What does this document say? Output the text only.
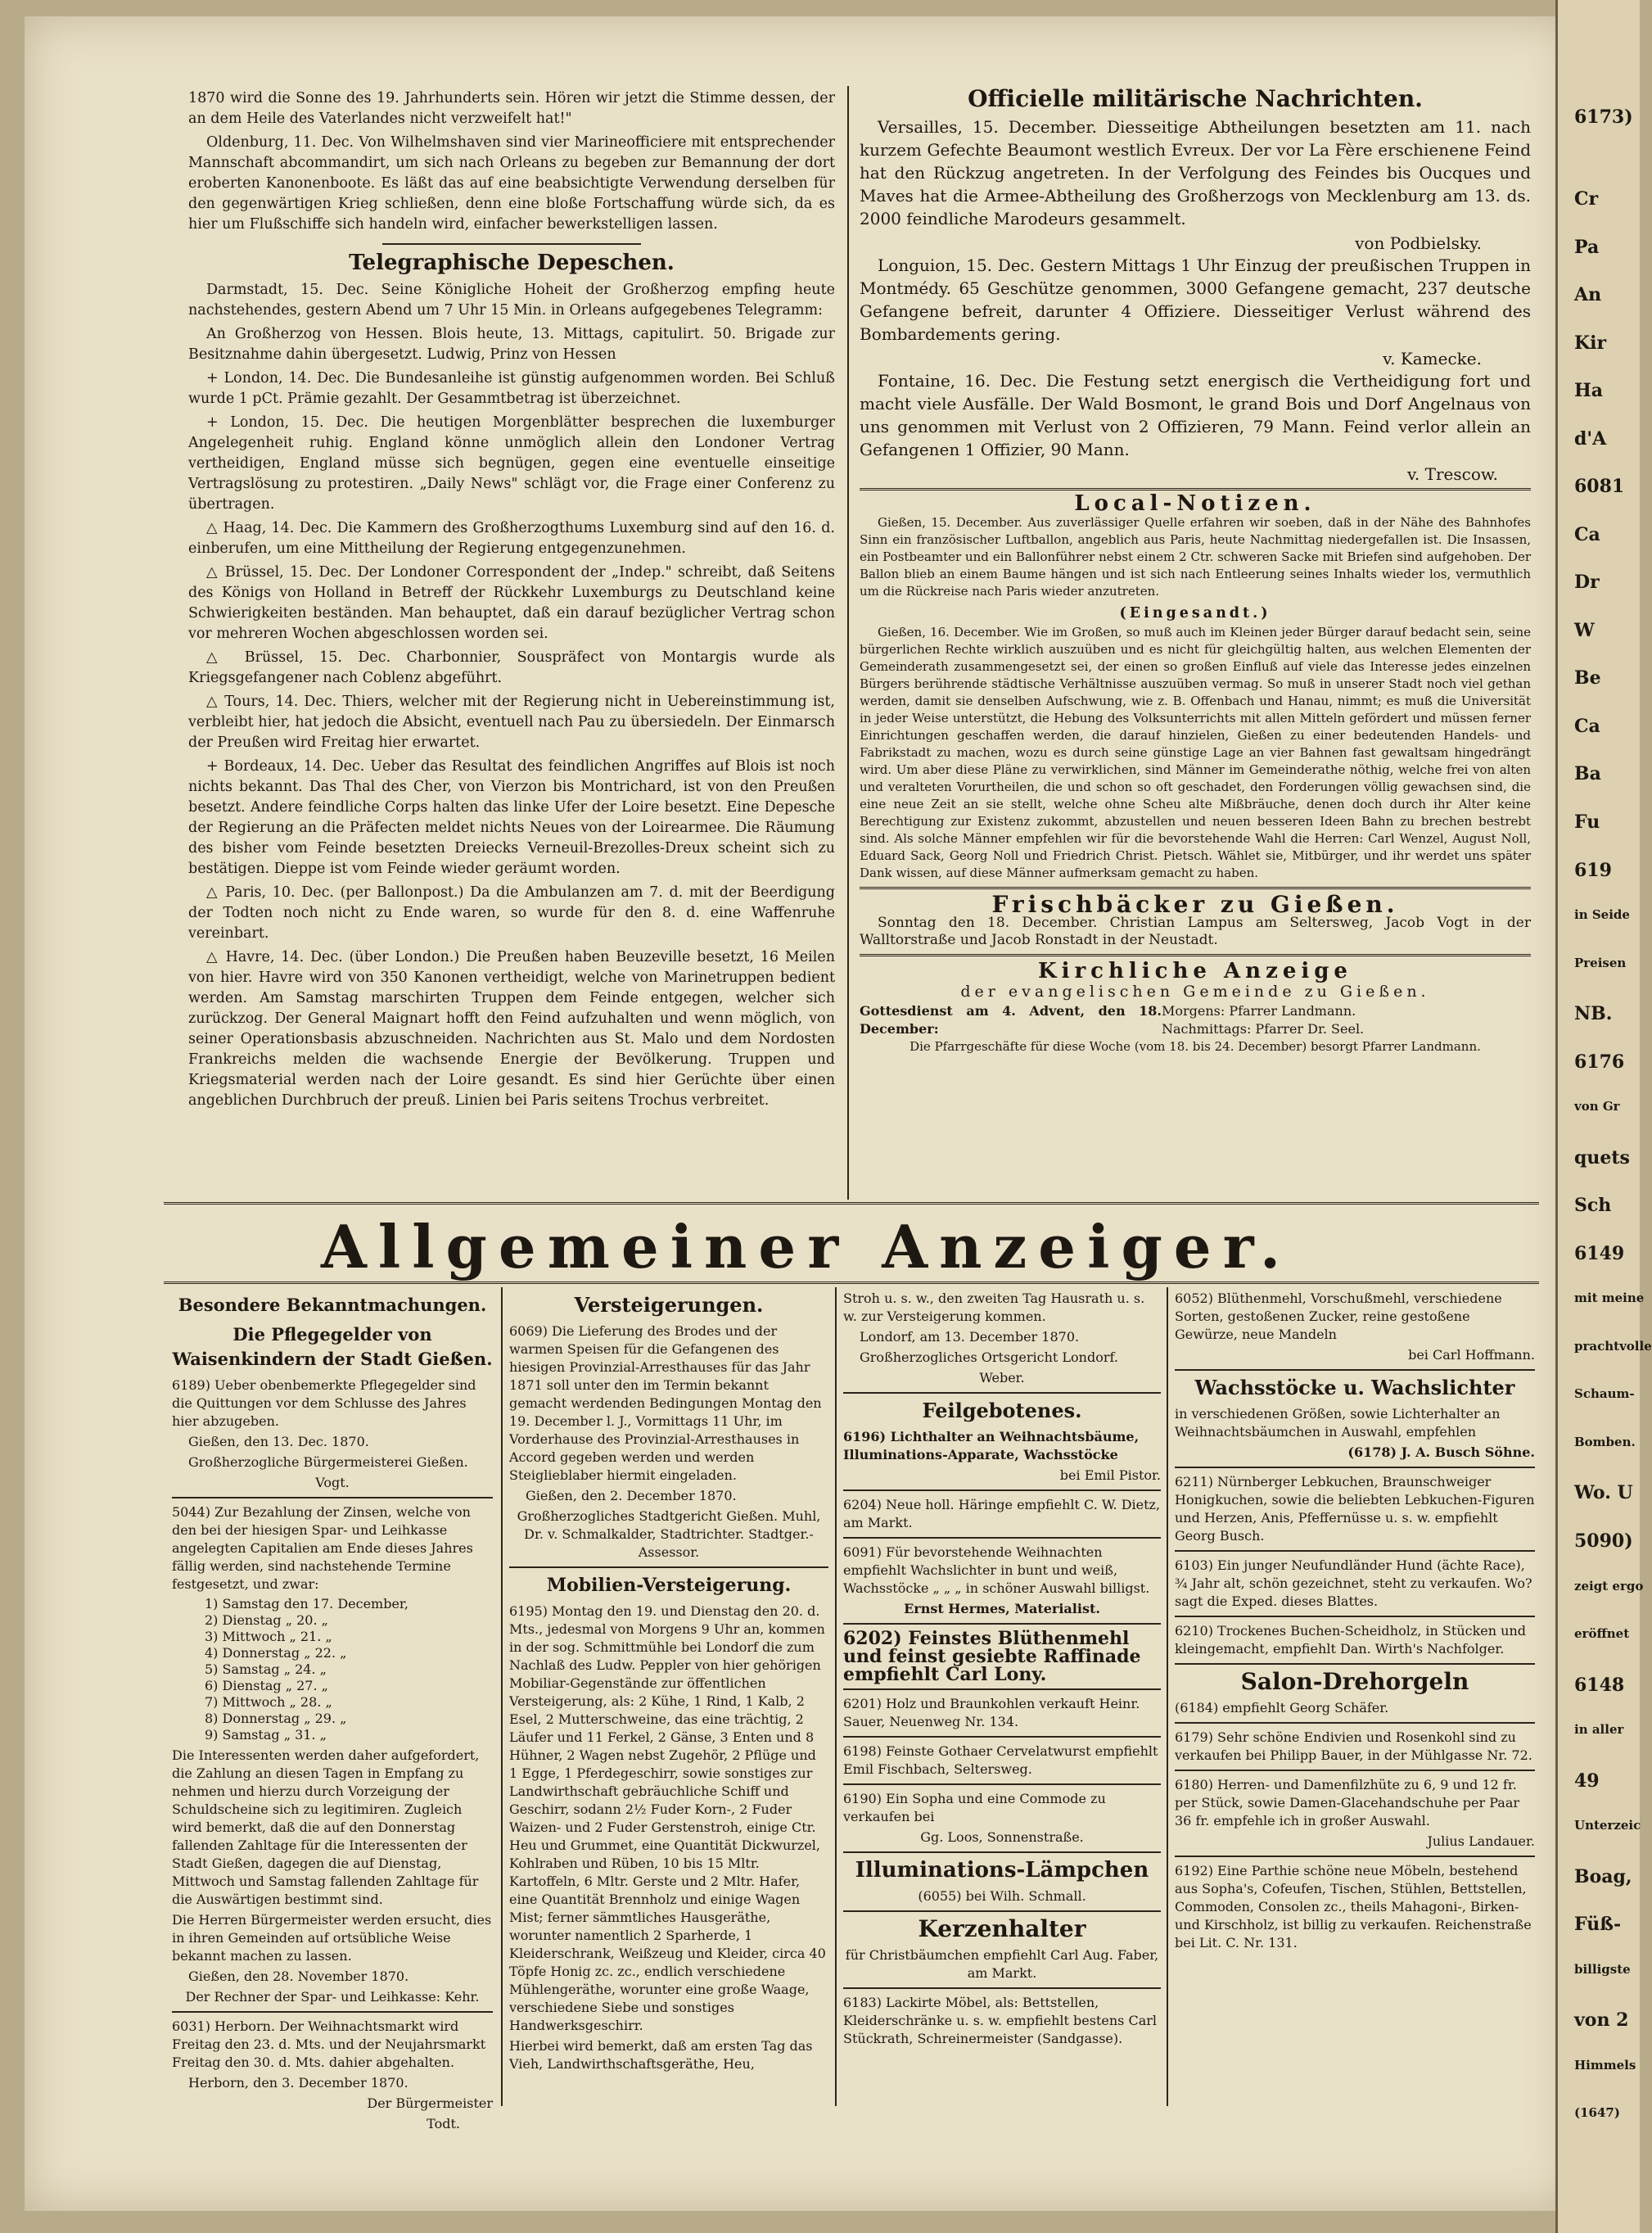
1870 wird die Sonne des 19. Jahrhunderts sein. Hören wir jetzt die Stimme dessen, der an dem Heile des Vaterlandes nicht verzweifelt hat!"

Oldenburg, 11. Dec. Von Wilhelmshaven sind vier Marineofficiere mit entsprechender Mannschaft abcommandirt, um sich nach Orleans zu begeben zur Bemannung der dort eroberten Kanonenboote. Es läßt das auf eine beabsichtigte Verwendung derselben für den gegenwärtigen Krieg schließen, denn eine bloße Fortschaffung würde sich, da es hier um Flußschiffe sich handeln wird, einfacher bewerkstelligen lassen.

Telegraphische Depeschen.

Darmstadt, 15. Dec. Seine Königliche Hoheit der Großherzog empfing heute nachstehendes, gestern Abend um 7 Uhr 15 Min. in Orleans aufgegebenes Telegramm:

An Großherzog von Hessen. Blois heute, 13. Mittags, capitulirt. 50. Brigade zur Besitznahme dahin übergesetzt. Ludwig, Prinz von Hessen

+ London, 14. Dec. Die Bundesanleihe ist günstig aufgenommen worden. Bei Schluß wurde 1 pCt. Prämie gezahlt. Der Gesammtbetrag ist überzeichnet.

+ London, 15. Dec. Die heutigen Morgenblätter besprechen die luxemburger Angelegenheit ruhig. England könne unmöglich allein den Londoner Vertrag vertheidigen, England müsse sich begnügen, gegen eine eventuelle einseitige Vertragslösung zu protestiren. „Daily News" schlägt vor, die Frage einer Conferenz zu übertragen.

△ Haag, 14. Dec. Die Kammern des Großherzogthums Luxemburg sind auf den 16. d. einberufen, um eine Mittheilung der Regierung entgegenzunehmen.

△ Brüssel, 15. Dec. Der Londoner Correspondent der „Indep." schreibt, daß Seitens des Königs von Holland in Betreff der Rückkehr Luxemburgs zu Deutschland keine Schwierigkeiten beständen. Man behauptet, daß ein darauf bezüglicher Vertrag schon vor mehreren Wochen abgeschlossen worden sei.

△ Brüssel, 15. Dec. Charbonnier, Souspräfect von Montargis wurde als Kriegsgefangener nach Coblenz abgeführt.

△ Tours, 14. Dec. Thiers, welcher mit der Regierung nicht in Uebereinstimmung ist, verbleibt hier, hat jedoch die Absicht, eventuell nach Pau zu übersiedeln. Der Einmarsch der Preußen wird Freitag hier erwartet.

+ Bordeaux, 14. Dec. Ueber das Resultat des feindlichen Angriffes auf Blois ist noch nichts bekannt. Das Thal des Cher, von Vierzon bis Montrichard, ist von den Preußen besetzt. Andere feindliche Corps halten das linke Ufer der Loire besetzt. Eine Depesche der Regierung an die Präfecten meldet nichts Neues von der Loirearmee. Die Räumung des bisher vom Feinde besetzten Dreiecks Verneuil-Brezolles-Dreux scheint sich zu bestätigen. Dieppe ist vom Feinde wieder geräumt worden.

△ Paris, 10. Dec. (per Ballonpost.) Da die Ambulanzen am 7. d. mit der Beerdigung der Todten noch nicht zu Ende waren, so wurde für den 8. d. eine Waffenruhe vereinbart.

△ Havre, 14. Dec. (über London.) Die Preußen haben Beuzeville besetzt, 16 Meilen von hier. Havre wird von 350 Kanonen vertheidigt, welche von Marinetruppen bedient werden. Am Samstag marschirten Truppen dem Feinde entgegen, welcher sich zurückzog. Der General Maignart hofft den Feind aufzuhalten und wenn möglich, von seiner Operationsbasis abzuschneiden. Nachrichten aus St. Malo und dem Nordosten Frankreichs melden die wachsende Energie der Bevölkerung. Truppen und Kriegsmaterial werden nach der Loire gesandt. Es sind hier Gerüchte über einen angeblichen Durchbruch der preuß. Linien bei Paris seitens Trochus verbreitet.

Officielle militärische Nachrichten.

Versailles, 15. December. Diesseitige Abtheilungen besetzten am 11. nach kurzem Gefechte Beaumont westlich Evreux. Der vor La Fère erschienene Feind hat den Rückzug angetreten. In der Verfolgung des Feindes bis Oucques und Maves hat die Armee-Abtheilung des Großherzogs von Mecklenburg am 13. ds. 2000 feindliche Marodeurs gesammelt.

von Podbielsky.

Longuion, 15. Dec. Gestern Mittags 1 Uhr Einzug der preußischen Truppen in Montmédy. 65 Geschütze genommen, 3000 Gefangene gemacht, 237 deutsche Gefangene befreit, darunter 4 Offiziere. Diesseitiger Verlust während des Bombardements gering.

v. Kamecke.

Fontaine, 16. Dec. Die Festung setzt energisch die Vertheidigung fort und macht viele Ausfälle. Der Wald Bosmont, le grand Bois und Dorf Angelnaus von uns genommen mit Verlust von 2 Offizieren, 79 Mann. Feind verlor allein an Gefangenen 1 Offizier, 90 Mann.

v. Trescow.
Local-Notizen.

Gießen, 15. December. Aus zuverlässiger Quelle erfahren wir soeben, daß in der Nähe des Bahnhofes Sinn ein französischer Luftballon, angeblich aus Paris, heute Nachmittag niedergefallen ist. Die Insassen, ein Postbeamter und ein Ballonführer nebst einem 2 Ctr. schweren Sacke mit Briefen sind aufgehoben. Der Ballon blieb an einem Baume hängen und ist sich nach Entleerung seines Inhalts wieder los, vermuthlich um die Rückreise nach Paris wieder anzutreten.

(Eingesandt.)

Gießen, 16. December. Wie im Großen, so muß auch im Kleinen jeder Bürger darauf bedacht sein, seine bürgerlichen Rechte wirklich auszuüben und es nicht für gleichgültig halten, aus welchen Elementen der Gemeinderath zusammengesetzt sei, der einen so großen Einfluß auf viele das Interesse jedes einzelnen Bürgers berührende städtische Verhältnisse auszuüben vermag. So muß in unserer Stadt noch viel gethan werden, damit sie denselben Aufschwung, wie z. B. Offenbach und Hanau, nimmt; es muß die Universität in jeder Weise unterstützt, die Hebung des Volksunterrichts mit allen Mitteln gefördert und müssen ferner Einrichtungen geschaffen werden, die darauf hinzielen, Gießen zu einer bedeutenden Handels- und Fabrikstadt zu machen, wozu es durch seine günstige Lage an vier Bahnen fast gewaltsam hingedrängt wird. Um aber diese Pläne zu verwirklichen, sind Männer im Gemeinderathe nöthig, welche frei von alten und veralteten Vorurtheilen, die und schon so oft geschadet, den Forderungen völlig gewachsen sind, die eine neue Zeit an sie stellt, welche ohne Scheu alte Mißbräuche, denen doch durch ihr Alter keine Berechtigung zur Existenz zukommt, abzustellen und neuen besseren Ideen Bahn zu brechen bestrebt sind. Als solche Männer empfehlen wir für die bevorstehende Wahl die Herren: Carl Wenzel, August Noll, Eduard Sack, Georg Noll und Friedrich Christ. Pietsch. Wählet sie, Mitbürger, und ihr werdet uns später Dank wissen, auf diese Männer aufmerksam gemacht zu haben.

Frischbäcker zu Gießen.

Sonntag den 18. December. Christian Lampus am Seltersweg, Jacob Vogt in der Walltorstraße und Jacob Ronstadt in der Neustadt.

Kirchliche Anzeige
der evangelischen Gemeinde zu Gießen.
Gottesdienst am 4. Advent, den 18. December:
Morgens: Pfarrer Landmann.
Nachmittags: Pfarrer Dr. Seel.
Die Pfarrgeschäfte für diese Woche (vom 18. bis 24. December) besorgt Pfarrer Landmann.
Allgemeiner Anzeiger.
Besondere Bekanntmachungen.
Die Pflegegelder von Waisenkindern der Stadt Gießen.

6189) Ueber obenbemerkte Pflegegelder sind die Quittungen vor dem Schlusse des Jahres hier abzugeben.

Gießen, den 13. Dec. 1870.

Großherzogliche Bürgermeisterei Gießen.

Vogt.

5044) Zur Bezahlung der Zinsen, welche von den bei der hiesigen Spar- und Leihkasse angelegten Capitalien am Ende dieses Jahres fällig werden, sind nachstehende Termine festgesetzt, und zwar:

1) Samstag den 17. December,
2) Dienstag „ 20. „
3) Mittwoch „ 21. „
4) Donnerstag „ 22. „
5) Samstag „ 24. „
6) Dienstag „ 27. „
7) Mittwoch „ 28. „
8) Donnerstag „ 29. „
9) Samstag „ 31. „

Die Interessenten werden daher aufgefordert, die Zahlung an diesen Tagen in Empfang zu nehmen und hierzu durch Vorzeigung der Schuldscheine sich zu legitimiren. Zugleich wird bemerkt, daß die auf den Donnerstag fallenden Zahltage für die Interessenten der Stadt Gießen, dagegen die auf Dienstag, Mittwoch und Samstag fallenden Zahltage für die Auswärtigen bestimmt sind.

Die Herren Bürgermeister werden ersucht, dies in ihren Gemeinden auf ortsübliche Weise bekannt machen zu lassen.

Gießen, den 28. November 1870.

Der Rechner der Spar- und Leihkasse: Kehr.

6031) Herborn. Der Weihnachtsmarkt wird Freitag den 23. d. Mts. und der Neujahrsmarkt Freitag den 30. d. Mts. dahier abgehalten.

Herborn, den 3. December 1870.

Der Bürgermeister

Todt.

Versteigerungen.

6069) Die Lieferung des Brodes und der warmen Speisen für die Gefangenen des hiesigen Provinzial-Arresthauses für das Jahr 1871 soll unter den im Termin bekannt gemacht werdenden Bedingungen Montag den 19. December l. J., Vormittags 11 Uhr, im Vorderhause des Provinzial-Arresthauses in Accord gegeben werden und werden Steiglieblaber hiermit eingeladen.

Gießen, den 2. December 1870.

Großherzogliches Stadtgericht Gießen. Muhl, Dr. v. Schmalkalder, Stadtrichter. Stadtger.-Assessor.

Mobilien-Versteigerung.

6195) Montag den 19. und Dienstag den 20. d. Mts., jedesmal von Morgens 9 Uhr an, kommen in der sog. Schmittmühle bei Londorf die zum Nachlaß des Ludw. Peppler von hier gehörigen Mobiliar-Gegenstände zur öffentlichen Versteigerung, als: 2 Kühe, 1 Rind, 1 Kalb, 2 Esel, 2 Mutterschweine, das eine trächtig, 2 Läufer und 11 Ferkel, 2 Gänse, 3 Enten und 8 Hühner, 2 Wagen nebst Zugehör, 2 Pflüge und 1 Egge, 1 Pferdegeschirr, sowie sonstiges zur Landwirthschaft gebräuchliche Schiff und Geschirr, sodann 2½ Fuder Korn-, 2 Fuder Waizen- und 2 Fuder Gerstenstroh, einige Ctr. Heu und Grummet, eine Quantität Dickwurzel, Kohlraben und Rüben, 10 bis 15 Mltr. Kartoffeln, 6 Mltr. Gerste und 2 Mltr. Hafer, eine Quantität Brennholz und einige Wagen Mist; ferner sämmtliches Hausgeräthe, worunter namentlich 2 Sparherde, 1 Kleiderschrank, Weißzeug und Kleider, circa 40 Töpfe Honig zc. zc., endlich verschiedene Mühlengeräthe, worunter eine große Waage, verschiedene Siebe und sonstiges Handwerksgeschirr.

Hierbei wird bemerkt, daß am ersten Tag das Vieh, Landwirthschaftsgeräthe, Heu,

Stroh u. s. w., den zweiten Tag Hausrath u. s. w. zur Versteigerung kommen.

Londorf, am 13. December 1870.

Großherzogliches Ortsgericht Londorf.

Weber.

Feilgebotenes.

6196) Lichthalter an Weihnachtsbäume, Illuminations-Apparate, Wachsstöcke

bei Emil Pistor.

6204) Neue holl. Häringe empfiehlt C. W. Dietz, am Markt.

6091) Für bevorstehende Weihnachten empfiehlt Wachslichter in bunt und weiß, Wachsstöcke „ „ „ in schöner Auswahl billigst.

Ernst Hermes, Materialist.

6202) Feinstes Blüthenmehl und feinst gesiebte Raffinade empfiehlt Carl Lony.

6201) Holz und Braunkohlen verkauft Heinr. Sauer, Neuenweg Nr. 134.

6198) Feinste Gothaer Cervelatwurst empfiehlt Emil Fischbach, Seltersweg.

6190) Ein Sopha und eine Commode zu verkaufen bei

Gg. Loos, Sonnenstraße.

Illuminations-Lämpchen

(6055) bei Wilh. Schmall.

Kerzenhalter

für Christbäumchen empfiehlt Carl Aug. Faber, am Markt.

6183) Lackirte Möbel, als: Bettstellen, Kleiderschränke u. s. w. empfiehlt bestens Carl Stückrath, Schreinermeister (Sandgasse).

6052) Blüthenmehl, Vorschußmehl, verschiedene Sorten, gestoßenen Zucker, reine gestoßene Gewürze, neue Mandeln

bei Carl Hoffmann.

Wachsstöcke u. Wachslichter

in verschiedenen Größen, sowie Lichterhalter an Weihnachtsbäumchen in Auswahl, empfehlen

(6178) J. A. Busch Söhne.

6211) Nürnberger Lebkuchen, Braunschweiger Honigkuchen, sowie die beliebten Lebkuchen-Figuren und Herzen, Anis, Pfeffernüsse u. s. w. empfiehlt Georg Busch.

6103) Ein junger Neufundländer Hund (ächte Race), ¾ Jahr alt, schön gezeichnet, steht zu verkaufen. Wo? sagt die Exped. dieses Blattes.

6210) Trockenes Buchen-Scheidholz, in Stücken und kleingemacht, empfiehlt Dan. Wirth's Nachfolger.

Salon-Drehorgeln

(6184) empfiehlt Georg Schäfer.

6179) Sehr schöne Endivien und Rosenkohl sind zu verkaufen bei Philipp Bauer, in der Mühlgasse Nr. 72.

6180) Herren- und Damenfilzhüte zu 6, 9 und 12 fr. per Stück, sowie Damen-Glacehandschuhe per Paar 36 fr. empfehle ich in großer Auswahl.

Julius Landauer.

6192) Eine Parthie schöne neue Möbeln, bestehend aus Sopha's, Cofeufen, Tischen, Stühlen, Bettstellen, Commoden, Consolen zc., theils Mahagoni-, Birken- und Kirschholz, ist billig zu verkaufen. Reichenstraße bei Lit. C. Nr. 131.

6173)
Cr
Pa
An
Kir
Ha
d'A
6081
Ca
Dr
W
Be
Ca
Ba
Fu
619
in Seide
Preisen
NB.
6176
von Gr
quets
Sch
6149
mit meine
prachtvolle
Schaum-
Bomben.
Wo. U
5090)
zeigt ergo
eröffnet
6148
in aller
49
Unterzeic
Boag,
Füß-
billigste
von 2
Himmels
(1647)
